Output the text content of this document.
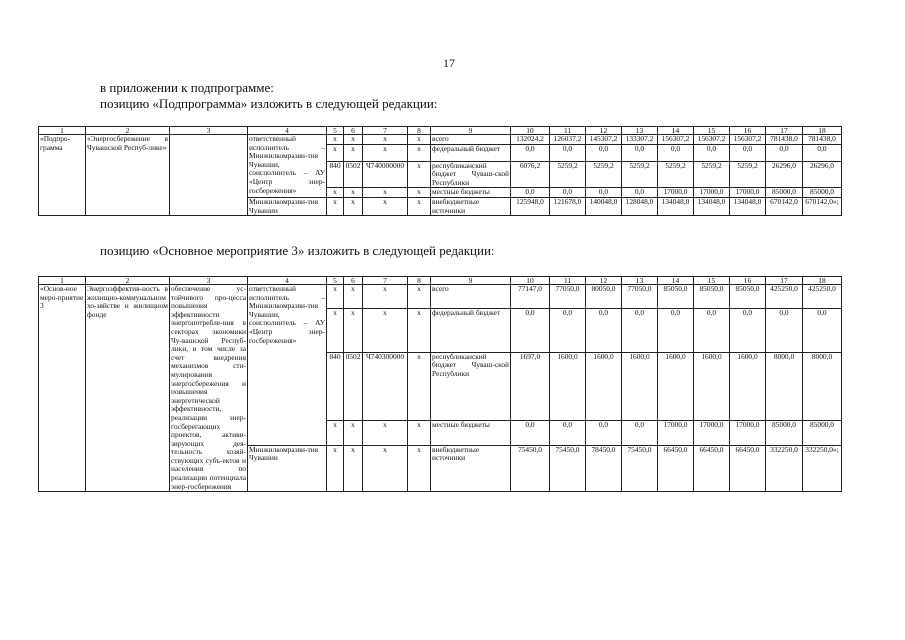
17
в приложении к подпрограмме:
позицию «Подпрограмма» изложить в следующей редакции:
1	2	3	4	5	6	7	8	9	10	11	12	13	14	15	16	17	18
«Подпро-грамма	«Энергосбережение в Чувашской Респуб-лике»		ответственный исполнитель – Минжилкомразви-тия Чувашии, соисполнитель – АУ «Центр энер-госбережения»	x	x	x	x	всего	132024,2	126037,2	145307,2	133307,2	156307,2	156307,2	156307,2	781438,0	781438,0
				x	x	x	x	федеральный бюджет	0,0	0,0	0,0	0,0	0,0	0,0	0,0	0,0	0,0
				840	0502	Ч740000000	x	республиканский бюджет Чуваш-ской Республики	6076,2	5259,2	5259,2	5259,2	5259,2	5259,2	5259,2	26296,0	26296,0
				x	x	x	x	местные бюджеты	0,0	0,0	0,0	0,0	17000,0	17000,0	17000,0	85000,0	85000,0
			Минжилкомразви-тия Чувашии	x	x	x	x	внебюджетные источники	125948,0	121678,0	140048,0	128048,0	134048,0	134048,0	134048,0	670142,0	670142,0»;
позицию «Основное мероприятие 3» изложить в следующей редакции:
1	2	3	4	5	6	7	8	9	10	11	12	13	14	15	16	17	18
«Основ-ное меро-приятие 3	Энергоэффектив-ность в жилищно-коммунальном хо-зяйстве и жилищном фонде	обеспечение ус-тойчивого про-цесса повышения эффективности энергопотребле-ния в секторах экономики Чу-вашской Респуб-лики, в том числе за счет внедрения механизмов сти-мулирования энергосбережения и повышения энергетической эффективности, реализации энер-госберегающих проектов, активи-зирующих дея-тельность хозяй-ствующих субъ-ектов и населения по реализации потенциала энер-госбережения	ответственный исполнитель – Минжилкомразви-тия Чувашии, соисполнитель – АУ «Центр энер-госбережения»	x	x	x	x	всего	77147,0	77050,0	80050,0	77050,0	85050,0	85050,0	85050,0	425250,0	425250,0
				x	x	x	x	федеральный бюджет	0,0	0,0	0,0	0,0	0,0	0,0	0,0	0,0	0,0
				840	0502	Ч740300000	x	республиканский бюджет Чуваш-ской Республики	1697,0	1600,0	1600,0	1600,0	1600,0	1600,0	1600,0	8000,0	8000,0
				x	x	x	x	местные бюджеты	0,0	0,0	0,0	0,0	17000,0	17000,0	17000,0	85000,0	85000,0
			Минжилкомразви-тия Чувашии	x	x	x	x	внебюджетные источники	75450,0	75450,0	78450,0	75450,0	66450,0	66450,0	66450,0	332250,0	332250,0»;
